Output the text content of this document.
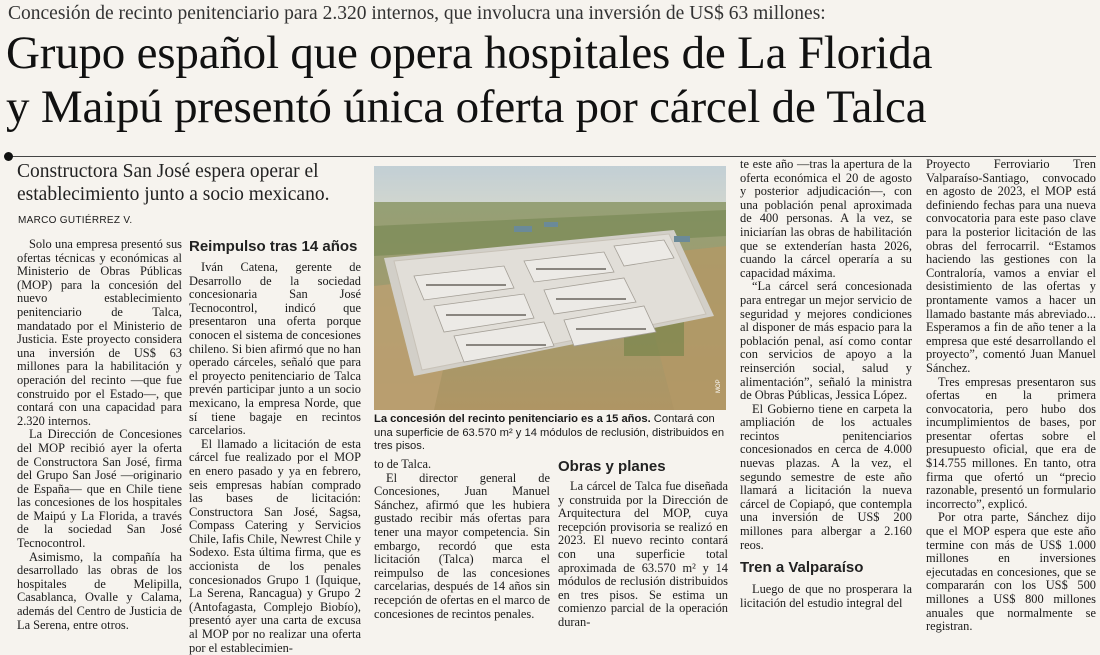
Concesión de recinto penitenciario para 2.320 internos, que involucra una inversión de US$ 63 millones:
Grupo español que opera hospitales de La Florida
y Maipú presentó única oferta por cárcel de Talca
Constructora San José espera operar el
establecimiento junto a socio mexicano.
MARCO GUTIÉRREZ V.

Solo una empresa presentó sus ofertas técnicas y económicas al Ministerio de Obras Públicas (MOP) para la concesión del nuevo establecimiento penitenciario de Talca, mandatado por el Ministerio de Justicia. Este proyecto considera una inversión de US$ 63 millones para la habilitación y operación del recinto —que fue construido por el Estado—, que contará con una capacidad para 2.320 internos.

La Dirección de Concesiones del MOP recibió ayer la oferta de Constructora San José, firma del Grupo San José —originario de España— que en Chile tiene las concesiones de los hospitales de Maipú y La Florida, a través de la sociedad San José Tecnocontrol.

Asimismo, la compañía ha desarrollado las obras de los hospitales de Melipilla, Casablanca, Ovalle y Calama, además del Centro de Justicia de La Serena, entre otros.

Reimpulso tras 14 años

Iván Catena, gerente de Desarrollo de la sociedad concesionaria San José Tecnocontrol, indicó que presentaron una oferta porque conocen el sistema de concesiones chileno. Si bien afirmó que no han operado cárceles, señaló que para el proyecto penitenciario de Talca prevén participar junto a un socio mexicano, la empresa Norde, que sí tiene bagaje en recintos carcelarios.

El llamado a licitación de esta cárcel fue realizado por el MOP en enero pasado y ya en febrero, seis empresas habían comprado las bases de licitación: Constructora San José, Sagsa, Compass Catering y Servicios Chile, Iafis Chile, Newrest Chile y Sodexo. Esta última firma, que es accionista de los penales concesionados Grupo 1 (Iquique, La Serena, Rancagua) y Grupo 2 (Antofagasta, Complejo Biobío), presentó ayer una carta de excusa al MOP por no realizar una oferta por el establecimien-

MOP
La concesión del recinto penitenciario es a 15 años. Contará con una superficie de 63.570 m² y 14 módulos de reclusión, distribuidos en tres pisos.

to de Talca.

El director general de Concesiones, Juan Manuel Sánchez, afirmó que les hubiera gustado recibir más ofertas para tener una mayor competencia. Sin embargo, recordó que esta licitación (Talca) marca el reimpulso de las concesiones carcelarias, después de 14 años sin recepción de ofertas en el marco de concesiones de recintos penales.

Obras y planes

La cárcel de Talca fue diseñada y construida por la Dirección de Arquitectura del MOP, cuya recepción provisoria se realizó en 2023. El nuevo recinto contará con una superficie total aproximada de 63.570 m² y 14 módulos de reclusión distribuidos en tres pisos. Se estima un comienzo parcial de la operación duran-

te este año —tras la apertura de la oferta económica el 20 de agosto y posterior adjudicación—, con una población penal aproximada de 400 personas. A la vez, se iniciarían las obras de habilitación que se extenderían hasta 2026, cuando la cárcel operaría a su capacidad máxima.

“La cárcel será concesionada para entregar un mejor servicio de seguridad y mejores condiciones al disponer de más espacio para la población penal, así como contar con servicios de apoyo a la reinserción social, salud y alimentación”, señaló la ministra de Obras Públicas, Jessica López.

El Gobierno tiene en carpeta la ampliación de los actuales recintos penitenciarios concesionados en cerca de 4.000 nuevas plazas. A la vez, el segundo semestre de este año llamará a licitación la nueva cárcel de Copiapó, que contempla una inversión de US$ 200 millones para albergar a 2.160 reos.

Tren a Valparaíso

Luego de que no prosperara la licitación del estudio integral del

Proyecto Ferroviario Tren Valparaíso-Santiago, convocado en agosto de 2023, el MOP está definiendo fechas para una nueva convocatoria para este paso clave para la posterior licitación de las obras del ferrocarril. “Estamos haciendo las gestiones con la Contraloría, vamos a enviar el desistimiento de las ofertas y prontamente vamos a hacer un llamado bastante más abreviado... Esperamos a fin de año tener a la empresa que esté desarrollando el proyecto”, comentó Juan Manuel Sánchez.

Tres empresas presentaron sus ofertas en la primera convocatoria, pero hubo dos incumplimientos de bases, por presentar ofertas sobre el presupuesto oficial, que era de $14.755 millones. En tanto, otra firma que ofertó un “precio razonable, presentó un formulario incorrecto”, explicó.

Por otra parte, Sánchez dijo que el MOP espera que este año termine con más de US$ 1.000 millones en inversiones ejecutadas en concesiones, que se compararán con los US$ 500 millones a US$ 800 millones anuales que normalmente se registran.
